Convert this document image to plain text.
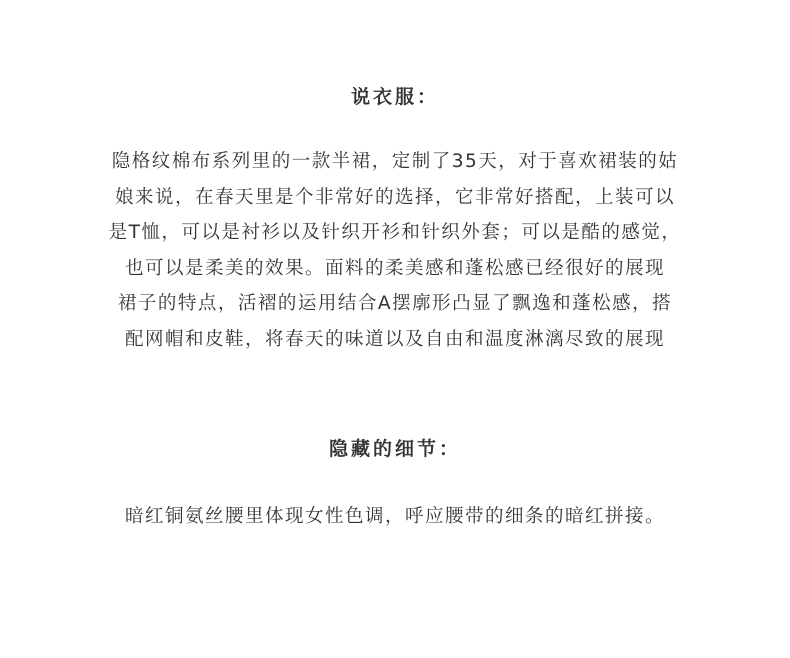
说衣服：
隐格纹棉布系列里的一款半裙，定制了35天，对于喜欢裙装的姑
娘来说，在春天里是个非常好的选择，它非常好搭配，上装可以
是T恤，可以是衬衫以及针织开衫和针织外套；可以是酷的感觉，
也可以是柔美的效果。面料的柔美感和蓬松感已经很好的展现
裙子的特点，活褶的运用结合A摆廓形凸显了飘逸和蓬松感，搭
配网帽和皮鞋，将春天的味道以及自由和温度淋漓尽致的展现
隐藏的细节：
暗红铜氨丝腰里体现女性色调，呼应腰带的细条的暗红拼接。
